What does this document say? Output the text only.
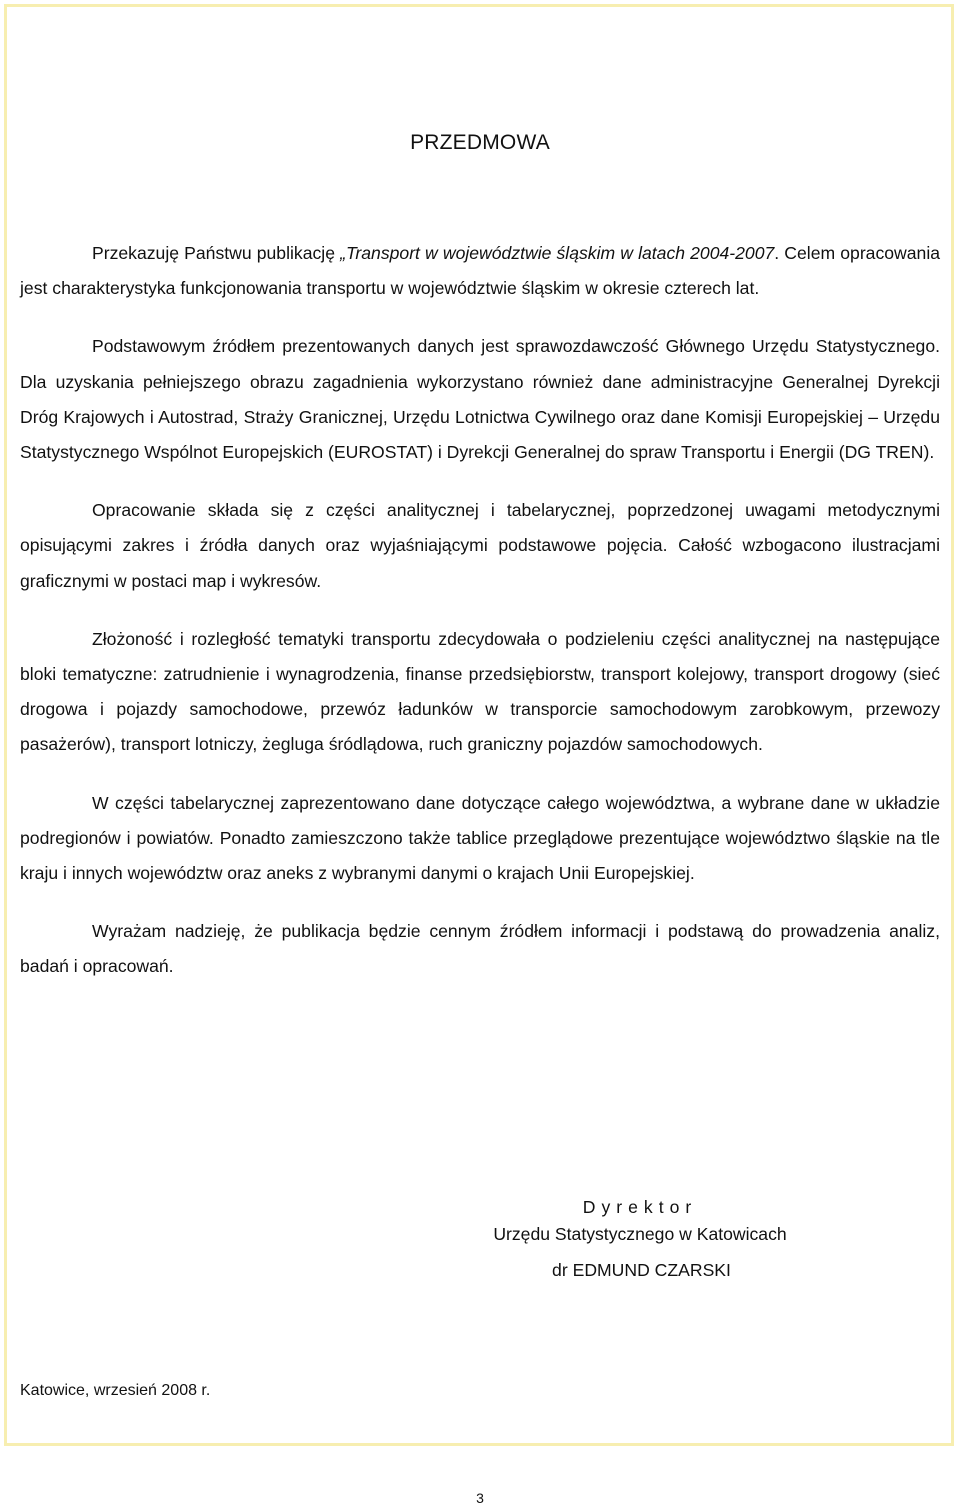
PRZEDMOWA

Przekazuję Państwu publikację „Transport w województwie śląskim w latach 2004-2007. Celem opracowania jest charakterystyka funkcjonowania transportu w województwie śląskim w okresie czterech lat.

Podstawowym źródłem prezentowanych danych jest sprawozdawczość Głównego Urzędu Statystycznego. Dla uzyskania pełniejszego obrazu zagadnienia wykorzystano również dane administracyjne Generalnej Dyrekcji Dróg Krajowych i Autostrad, Straży Granicznej, Urzędu Lotnictwa Cywilnego oraz dane Komisji Europejskiej – Urzędu Statystycznego Wspólnot Europejskich (EUROSTAT) i Dyrekcji Generalnej do spraw Transportu i Energii (DG TREN).

Opracowanie składa się z części analitycznej i tabelarycznej, poprzedzonej uwagami metodycznymi opisującymi zakres i źródła danych oraz wyjaśniającymi podstawowe pojęcia. Całość wzbogacono ilustracjami graficznymi w postaci map i wykresów.

Złożoność i rozległość tematyki transportu zdecydowała o podzieleniu części analitycznej na następujące bloki tematyczne: zatrudnienie i wynagrodzenia, finanse przedsiębiorstw, transport kolejowy, transport drogowy (sieć drogowa i pojazdy samochodowe, przewóz ładunków w transporcie samochodowym zarobkowym, przewozy pasażerów), transport lotniczy, żegluga śródlądowa, ruch graniczny pojazdów samochodowych.

W części tabelarycznej zaprezentowano dane dotyczące całego województwa, a wybrane dane w układzie podregionów i powiatów. Ponadto zamieszczono także tablice przeglądowe prezentujące województwo śląskie na tle kraju i innych województw oraz aneks z wybranymi danymi o krajach Unii Europejskiej.

Wyrażam nadzieję, że publikacja będzie cennym źródłem informacji i podstawą do prowadzenia analiz, badań i opracowań.

Dyrektor

Urzędu Statystycznego w Katowicach

dr EDMUND CZARSKI

Katowice, wrzesień 2008 r.
3
